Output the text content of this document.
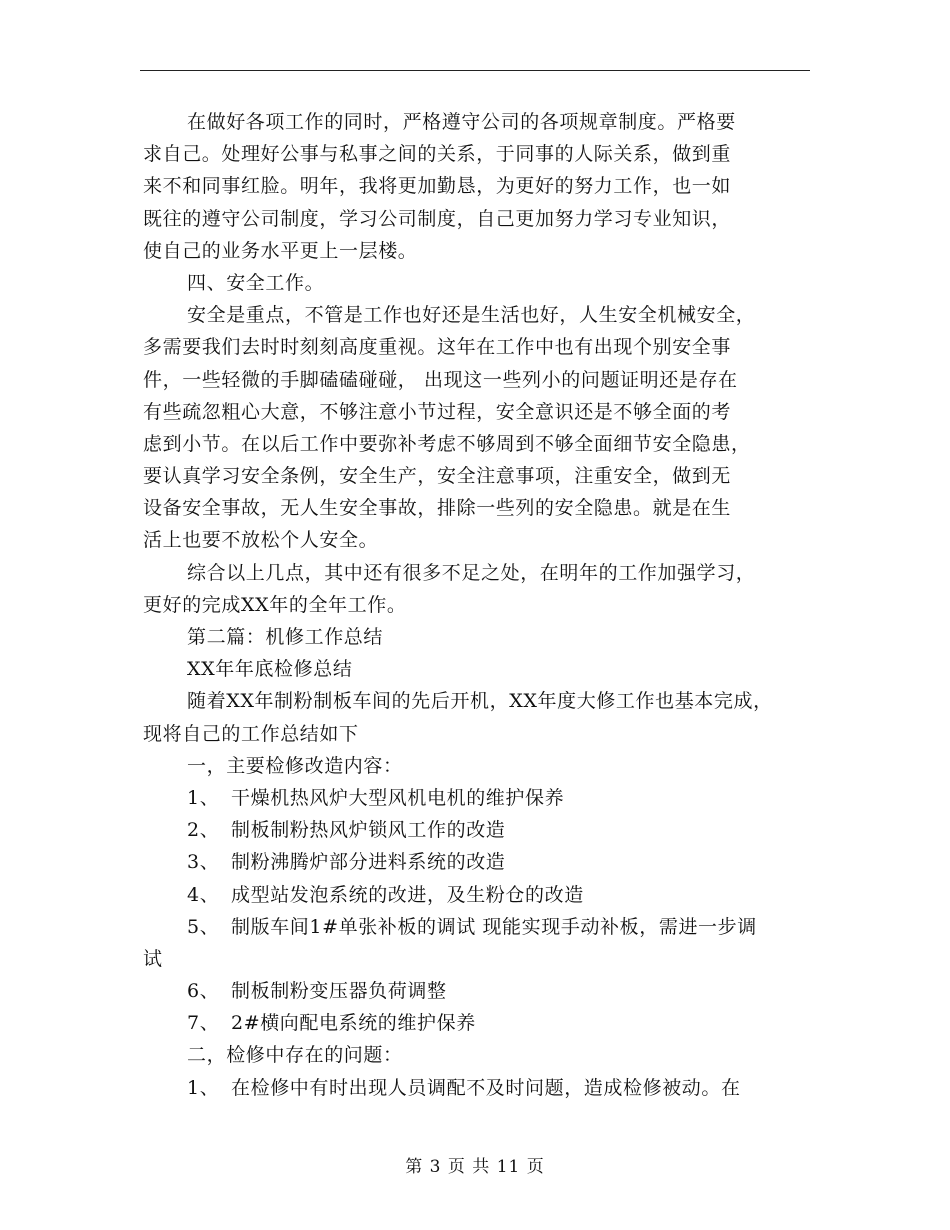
在做好各项工作的同时，严格遵守公司的各项规章制度。严格要
求自己。处理好公事与私事之间的关系，于同事的人际关系，做到重
来不和同事红脸。明年，我将更加勤恳，为更好的努力工作，也一如
既往的遵守公司制度，学习公司制度，自己更加努力学习专业知识，
使自己的业务水平更上一层楼。
四、安全工作。
安全是重点，不管是工作也好还是生活也好，人生安全机械安全，
多需要我们去时时刻刻高度重视。这年在工作中也有出现个别安全事
件，一些轻微的手脚磕磕碰碰， 出现这一些列小的问题证明还是存在
有些疏忽粗心大意，不够注意小节过程，安全意识还是不够全面的考
虑到小节。在以后工作中要弥补考虑不够周到不够全面细节安全隐患，
要认真学习安全条例，安全生产，安全注意事项，注重安全，做到无
设备安全事故，无人生安全事故，排除一些列的安全隐患。就是在生
活上也要不放松个人安全。
综合以上几点，其中还有很多不足之处，在明年的工作加强学习，
更好的完成XX年的全年工作。
第二篇：机修工作总结
XX年年底检修总结
随着XX年制粉制板车间的先后开机，XX年度大修工作也基本完成，
现将自己的工作总结如下
一，主要检修改造内容：
1、 干燥机热风炉大型风机电机的维护保养
2、 制板制粉热风炉锁风工作的改造
3、 制粉沸腾炉部分进料系统的改造
4、 成型站发泡系统的改进，及生粉仓的改造
5、 制版车间1#单张补板的调试 现能实现手动补板，需进一步调
试
6、 制板制粉变压器负荷调整
7、 2#横向配电系统的维护保养
二，检修中存在的问题：
1、 在检修中有时出现人员调配不及时问题，造成检修被动。在
第 3 页 共 11 页
